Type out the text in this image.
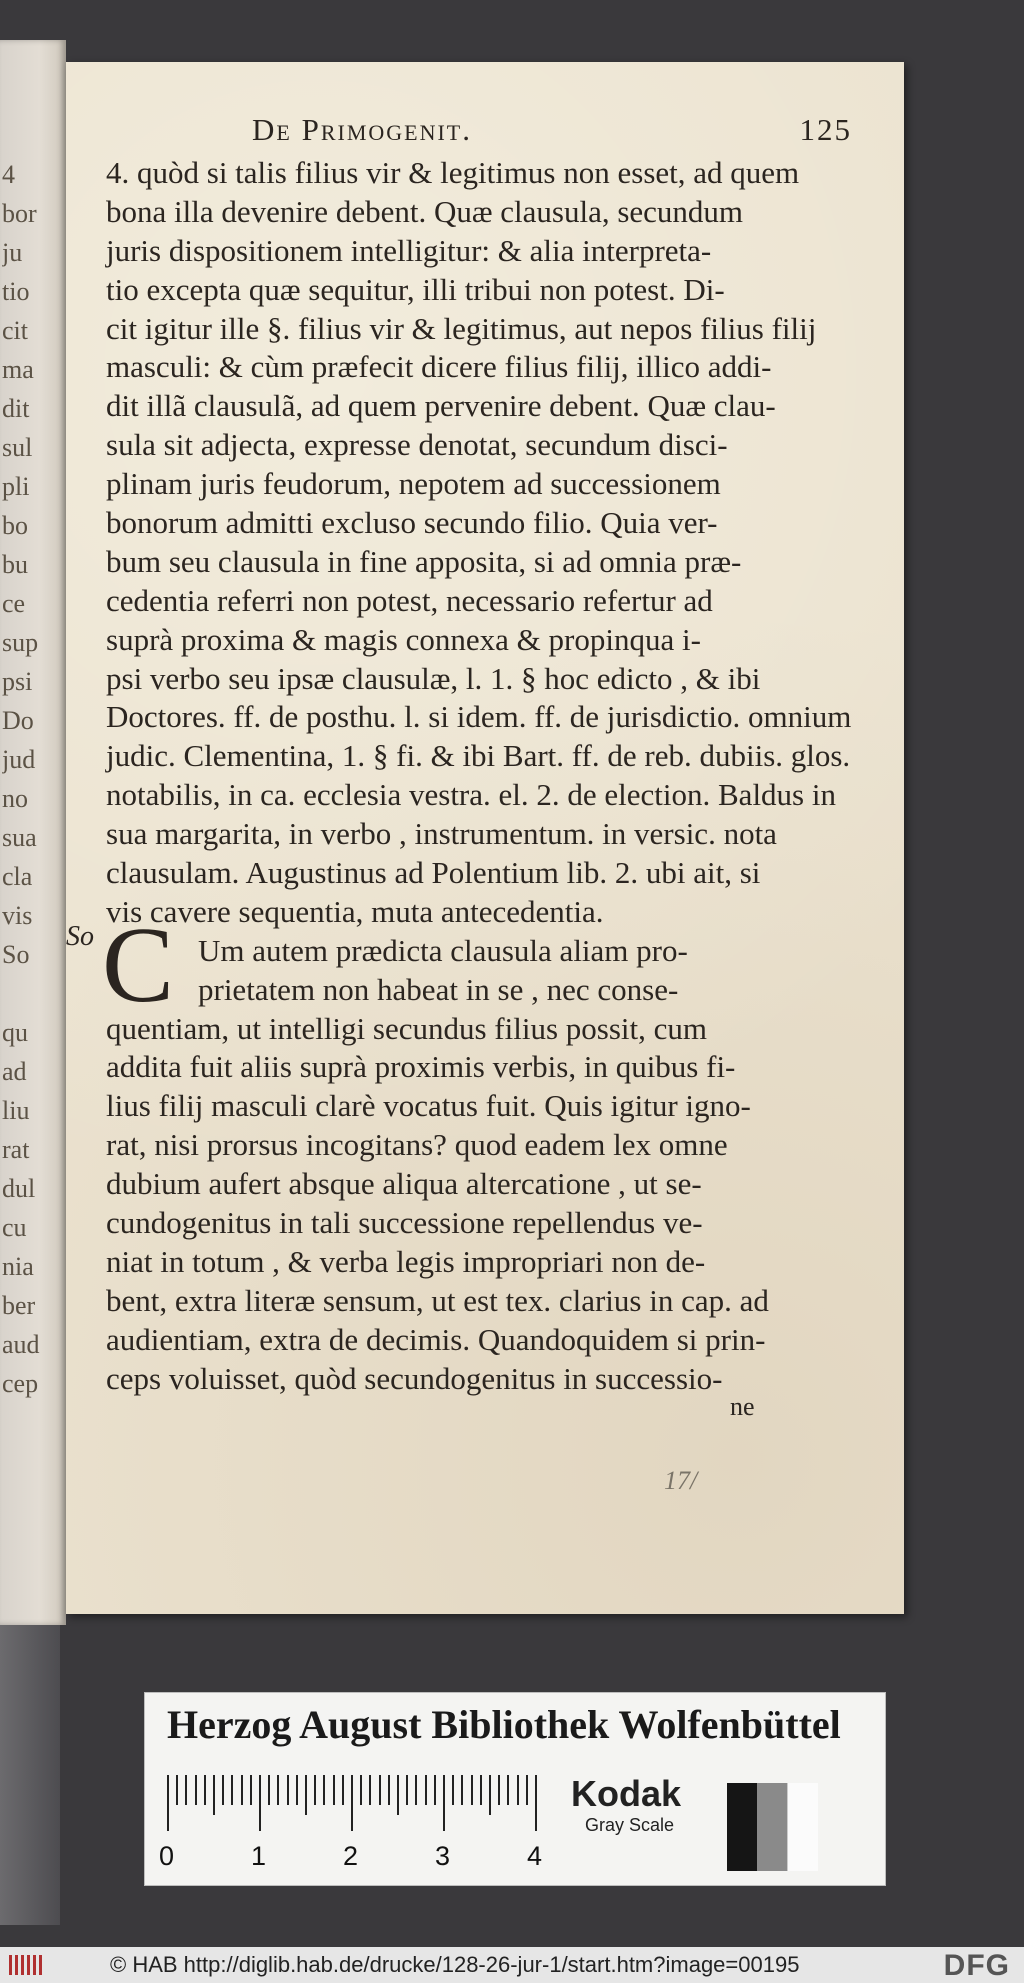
4
bor
ju
tio
cit
ma
dit
sul
pli
bo
bu
ce
sup
psi
Do
jud
no
sua
cla
vis
So
qu
ad
liu
rat
dul
cu
nia
ber
aud
cep
De Primogenit.	125
4. quòd si talis filius vir & legitimus non esset, ad quem
bona illa devenire debent. Quæ clausula, secundum
juris dispositionem intelligitur: & alia interpreta-
tio excepta quæ sequitur, illi tribui non potest. Di-
cit igitur ille §. filius vir & legitimus, aut nepos filius filij
masculi: & cùm præfecit dicere filius filij, illico addi-
dit illã clausulã, ad quem pervenire debent. Quæ clau-
sula sit adjecta, expresse denotat, secundum disci-
plinam juris feudorum, nepotem ad successionem
bonorum admitti excluso secundo filio. Quia ver-
bum seu clausula in fine apposita, si ad omnia præ-
cedentia referri non potest, necessario refertur ad
suprà proxima & magis connexa & propinqua i-
psi verbo seu ipsæ clausulæ, l. 1. § hoc edicto , & ibi
Doctores. ff. de posthu. l. si idem. ff. de jurisdictio. omnium
judic. Clementina, 1. § fi. & ibi Bart. ff. de reb. dubiis. glos.
notabilis, in ca. ecclesia vestra. el. 2. de election. Baldus in
sua margarita, in verbo , instrumentum. in versic. nota
clausulam. Augustinus ad Polentium lib. 2. ubi ait, si
vis cavere sequentia, muta antecedentia.
Um autem prædicta clausula aliam pro-
prietatem non habeat in se , nec conse-
quentiam, ut intelligi secundus filius possit, cum
addita fuit aliis suprà proximis verbis, in quibus fi-
lius filij masculi clarè vocatus fuit. Quis igitur igno-
rat, nisi prorsus incogitans? quod eadem lex omne
dubium aufert absque aliqua altercatione , ut se-
cundogenitus in tali successione repellendus ve-
niat in totum , & verba legis impropriari non de-
bent, extra literæ sensum, ut est tex. clarius in cap. ad
audientiam, extra de decimis. Quandoquidem si prin-
ceps voluisset, quòd secundogenitus in successio-
So C
ne
17/
Herzog August Bibliothek Wolfenbüttel
0	1	2	3	4
Kodak
Gray Scale
© HAB http://diglib.hab.de/drucke/128-26-jur-1/start.htm?image=00195	DFG
